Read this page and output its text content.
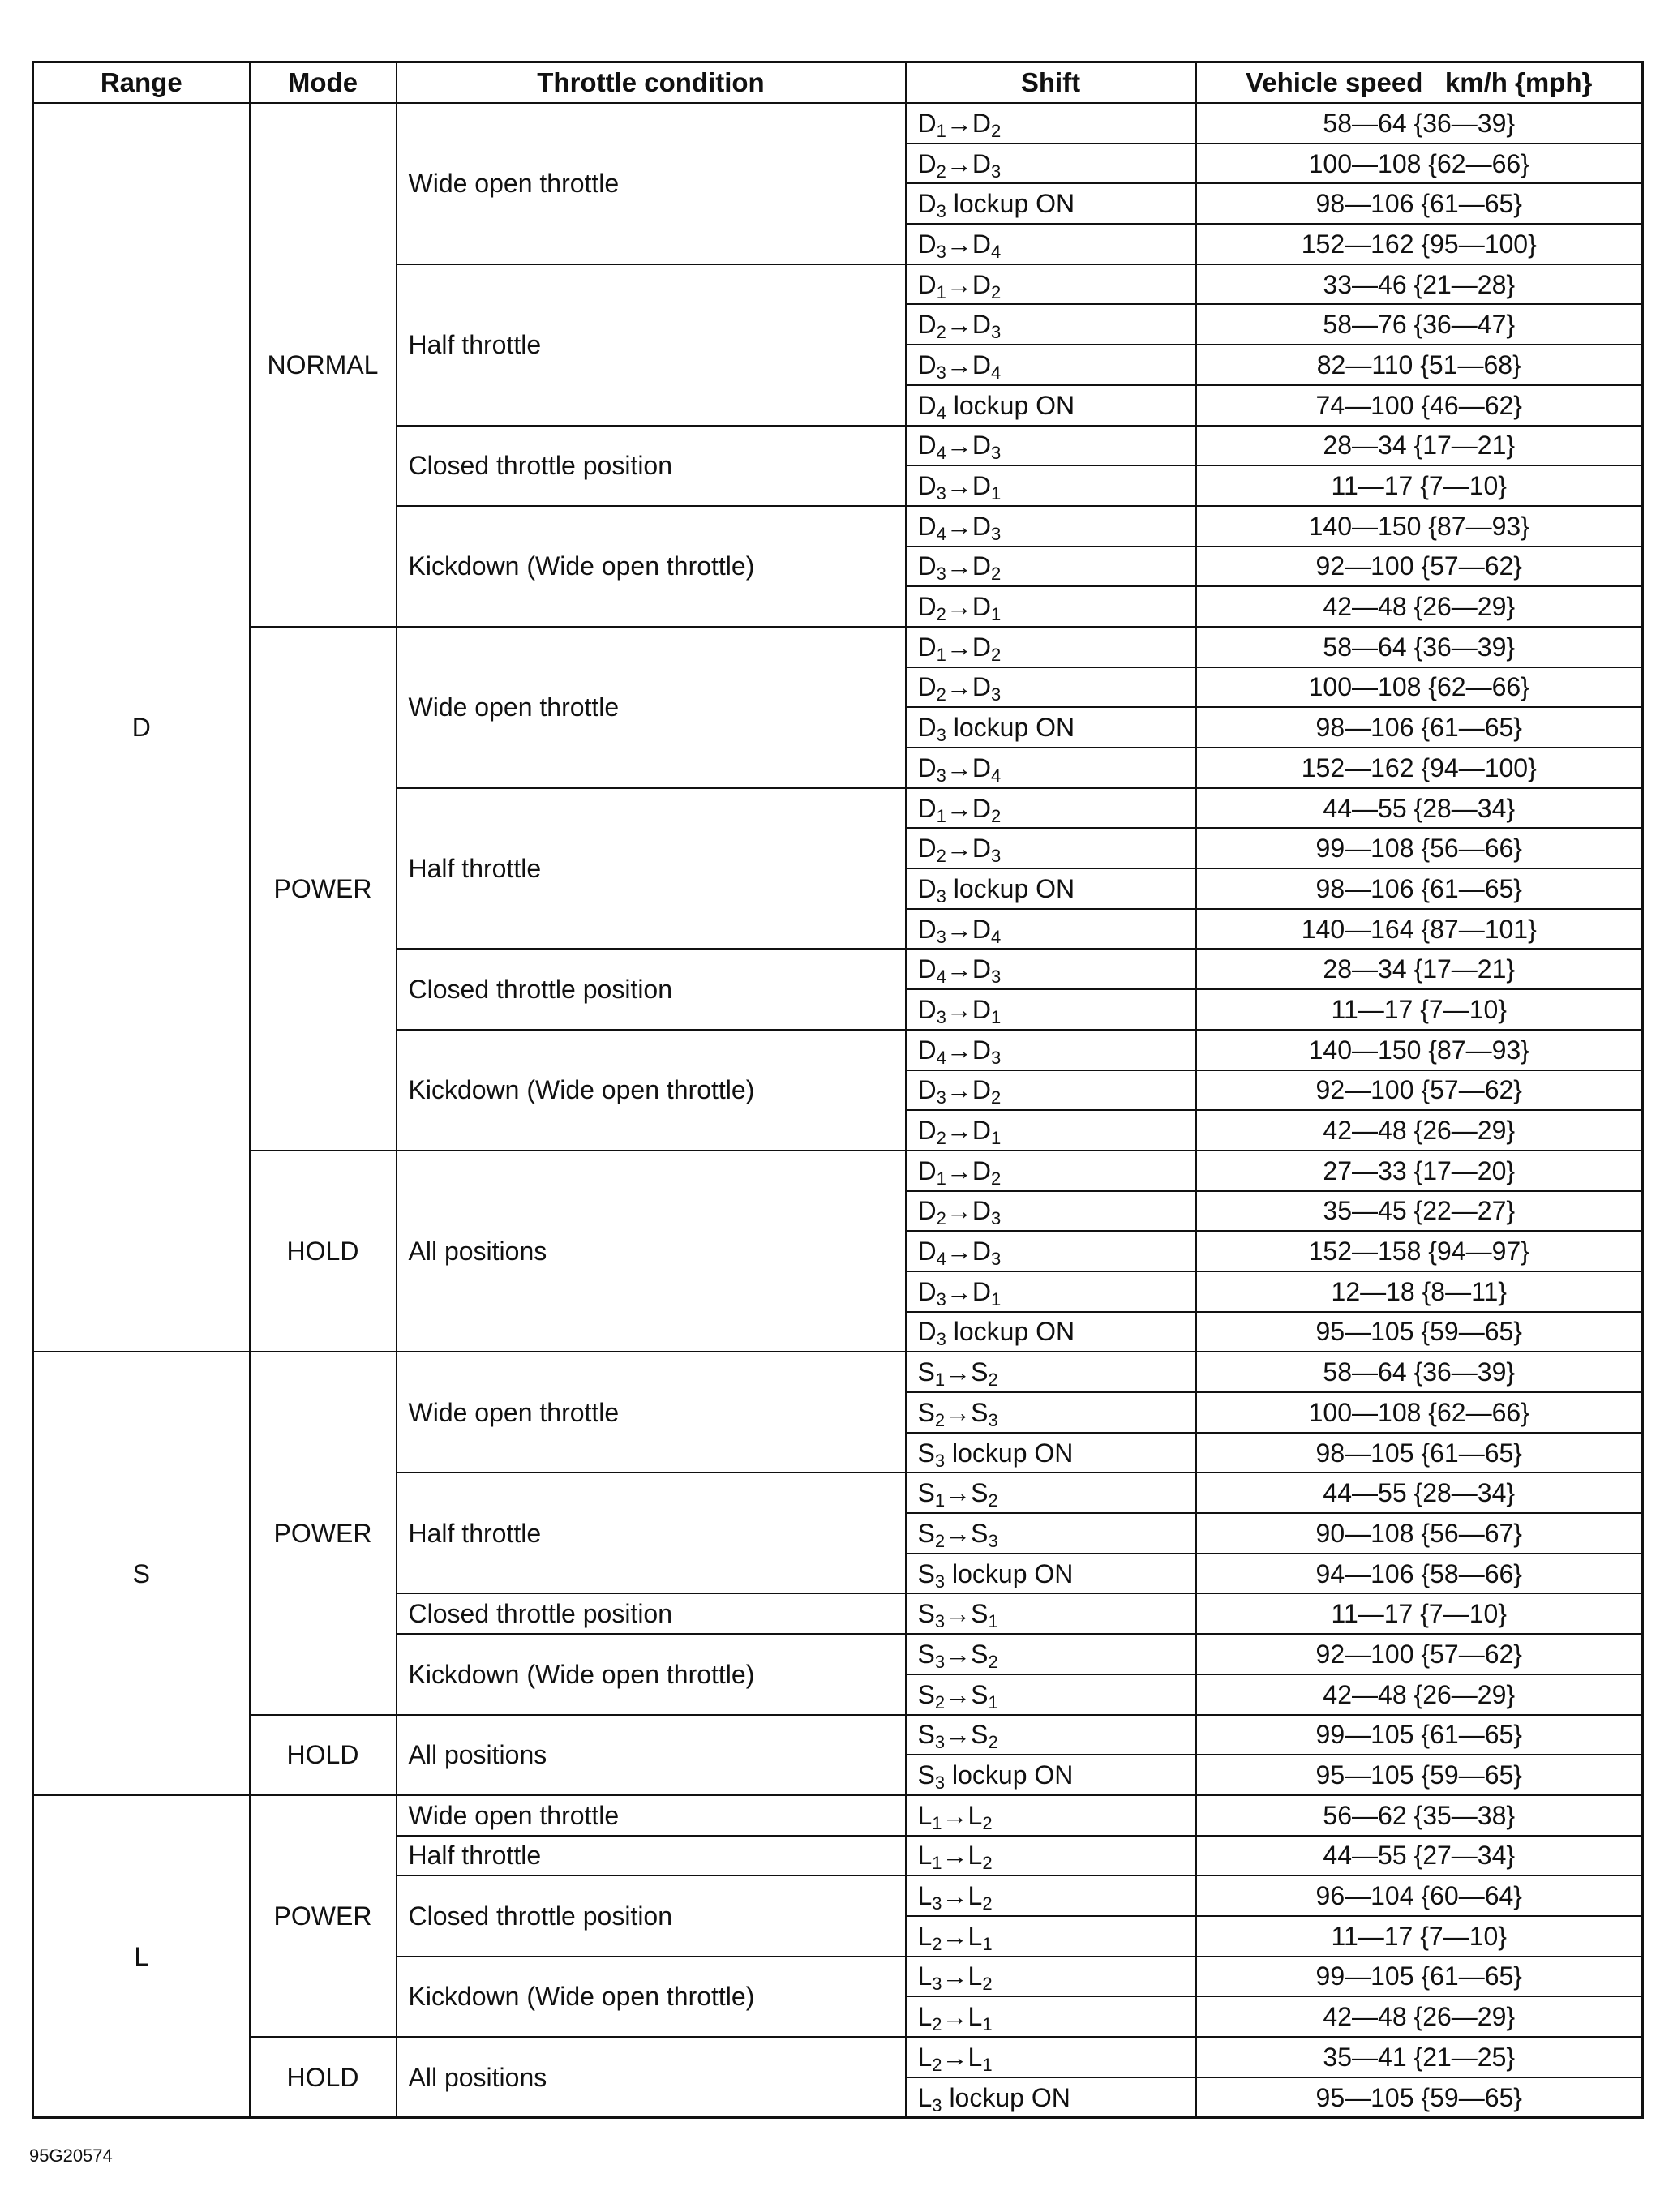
Range	Mode	Throttle condition	Shift	Vehicle speed   km/h {mph}
D	NORMAL	Wide open throttle	$D_1\to D_2$	58—64 {36—39}
			$D_2\to D_3$	100—108 {62—66}
			$D_3$ lockup ON	98—106 {61—65}
			$D_3\to D_4$	152—162 {95—100}
		Half throttle	$D_1\to D_2$	33—46 {21—28}
			$D_2\to D_3$	58—76 {36—47}
			$D_3\to D_4$	82—110 {51—68}
			$D_4$ lockup ON	74—100 {46—62}
		Closed throttle position	$D_4\to D_3$	28—34 {17—21}
			$D_3\to D_1$	11—17 {7—10}
		Kickdown (Wide open throttle)	$D_4\to D_3$	140—150 {87—93}
			$D_3\to D_2$	92—100 {57—62}
			$D_2\to D_1$	42—48 {26—29}
	POWER	Wide open throttle	$D_1\to D_2$	58—64 {36—39}
			$D_2\to D_3$	100—108 {62—66}
			$D_3$ lockup ON	98—106 {61—65}
			$D_3\to D_4$	152—162 {94—100}
		Half throttle	$D_1\to D_2$	44—55 {28—34}
			$D_2\to D_3$	99—108 {56—66}
			$D_3$ lockup ON	98—106 {61—65}
			$D_3\to D_4$	140—164 {87—101}
		Closed throttle position	$D_4\to D_3$	28—34 {17—21}
			$D_3\to D_1$	11—17 {7—10}
		Kickdown (Wide open throttle)	$D_4\to D_3$	140—150 {87—93}
			$D_3\to D_2$	92—100 {57—62}
			$D_2\to D_1$	42—48 {26—29}
	HOLD	All positions	$D_1\to D_2$	27—33 {17—20}
			$D_2\to D_3$	35—45 {22—27}
			$D_4\to D_3$	152—158 {94—97}
			$D_3\to D_1$	12—18 {8—11}
			$D_3$ lockup ON	95—105 {59—65}
S	POWER	Wide open throttle	$S_1\to S_2$	58—64 {36—39}
			$S_2\to S_3$	100—108 {62—66}
			$S_3$ lockup ON	98—105 {61—65}
		Half throttle	$S_1\to S_2$	44—55 {28—34}
			$S_2\to S_3$	90—108 {56—67}
			$S_3$ lockup ON	94—106 {58—66}
		Closed throttle position	$S_3\to S_1$	11—17 {7—10}
		Kickdown (Wide open throttle)	$S_3\to S_2$	92—100 {57—62}
			$S_2\to S_1$	42—48 {26—29}
	HOLD	All positions	$S_3\to S_2$	99—105 {61—65}
			$S_3$ lockup ON	95—105 {59—65}
L	POWER	Wide open throttle	$L_1\to L_2$	56—62 {35—38}
		Half throttle	$L_1\to L_2$	44—55 {27—34}
		Closed throttle position	$L_3\to L_2$	96—104 {60—64}
			$L_2\to L_1$	11—17 {7—10}
		Kickdown (Wide open throttle)	$L_3\to L_2$	99—105 {61—65}
			$L_2\to L_1$	42—48 {26—29}
	HOLD	All positions	$L_2\to L_1$	35—41 {21—25}
			$L_3$ lockup ON	95—105 {59—65}
95G20574
